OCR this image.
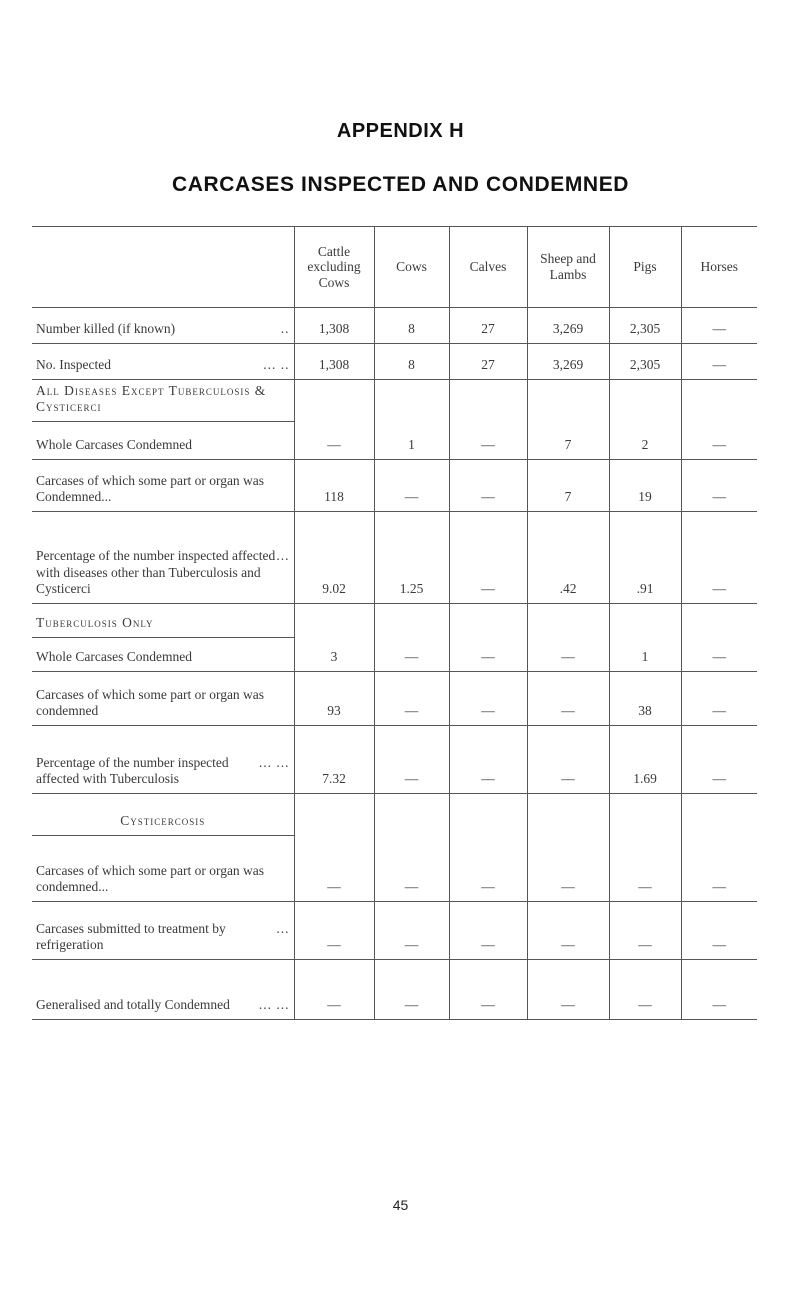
APPENDIX H
CARCASES INSPECTED AND CONDEMNED
	Cattle excluding Cows	Cows	Calves	Sheep and Lambs	Pigs	Horses

..
Number killed (if known)	1,308	8	27	3,269	2,305	—

... ..
No. Inspected	1,308	8	27	3,269	2,305	—
All Diseases Except Tuberculosis & Cysticerci						

Whole Carcases Condemned	—	1	—	7	2	—

Carcases of which some part or organ was Condemned...	118	—	—	7	19	—

...
Percentage of the number inspected affected with diseases other than Tuberculosis and Cysticerci	9.02	1.25	—	.42	.91	—
Tuberculosis Only						

Whole Carcases Condemned	3	—	—	—	1	—

Carcases of which some part or organ was condemned	93	—	—	—	38	—

... ...
Percentage of the number inspected affected with Tuberculosis	7.32	—	—	—	1.69	—
Cysticercosis						

Carcases of which some part or organ was condemned...	—	—	—	—	—	—

...
Carcases submitted to treatment by refrigeration	—	—	—	—	—	—

... ...
Generalised and totally Condemned	—	—	—	—	—	—
45
